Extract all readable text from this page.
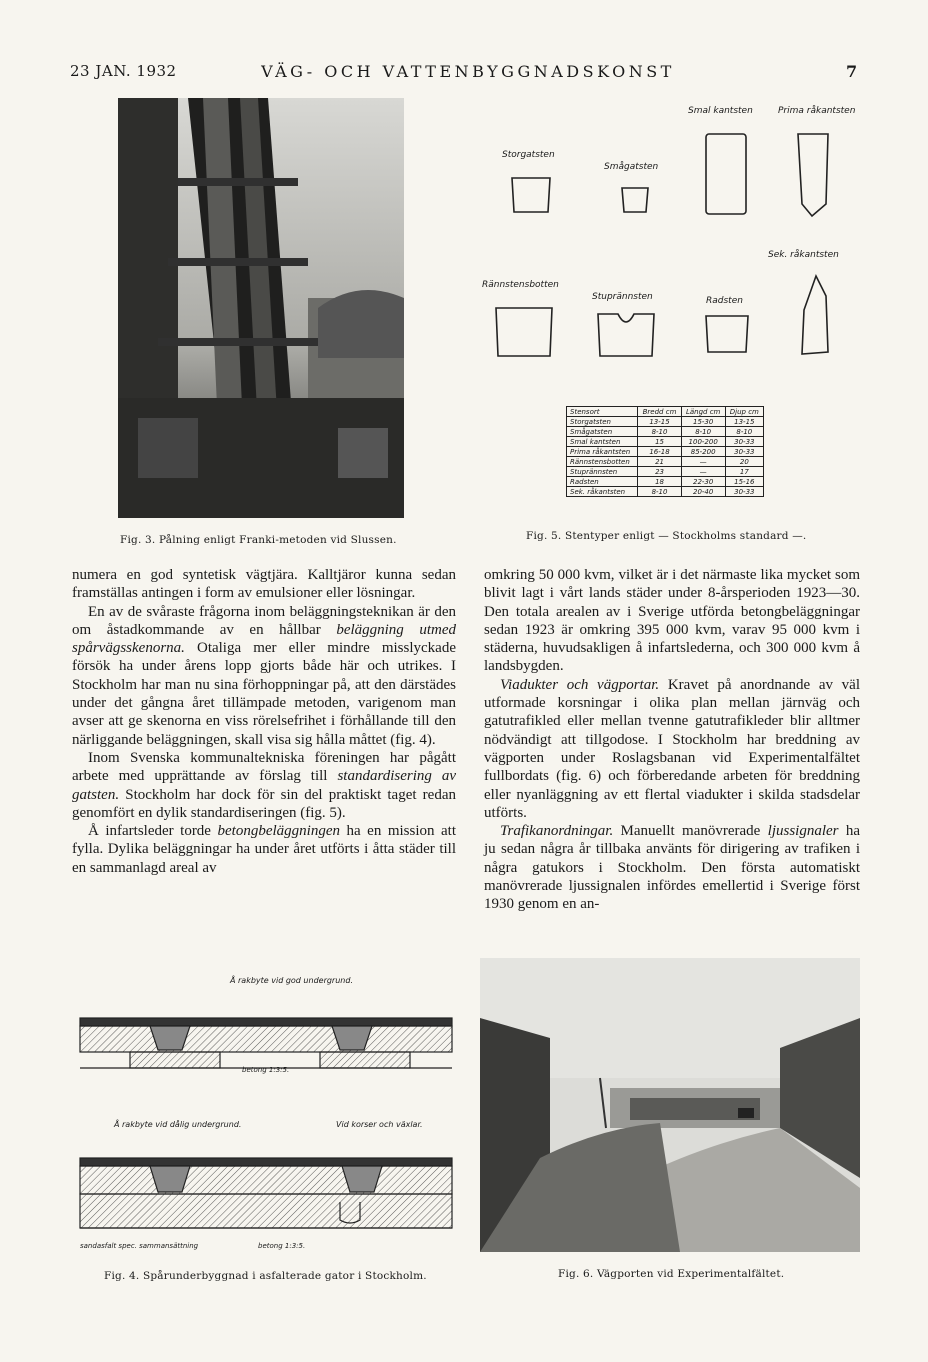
23 JAN. 1932	VÄG- OCH VATTENBYGGNADSKONST	7
Fig. 3. Pålning enligt Franki-metoden vid Slussen.
Smal kantsten	Prima råkantsten
Storgatsten
Smågatsten
Sek. råkantsten
Rännstensbotten
Stuprännsten	Radsten
Stensort	Bredd cm	Längd cm	Djup cm
Storgatsten	13-15	15-30	13-15
Smågatsten	8-10	8-10	8-10
Smal kantsten	15	100-200	30-33
Prima råkantsten	16-18	85-200	30-33
Rännstensbotten	21	—	20
Stuprännsten	23	—	17
Radsten	18	22-30	15-16
Sek. råkantsten	8-10	20-40	30-33
Fig. 5. Stentyper enligt — Stockholms standard —.

numera en god syntetisk vägtjära. Kalltjäror kunna sedan framställas antingen i form av emulsioner eller lösningar.

En av de svåraste frågorna inom beläggningsteknikan är den om åstadkommande av en hållbar beläggning utmed spårvägsskenorna. Otaliga mer eller mindre misslyckade försök ha under årens lopp gjorts både här och utrikes. I Stockholm har man nu sina förhoppningar på, att den därstädes under det gångna året tillämpade metoden, varigenom man avser att ge skenorna en viss rörelsefrihet i förhållande till den närliggande beläggningen, skall visa sig hålla måttet (fig. 4).

Inom Svenska kommunaltekniska föreningen har pågått arbete med upprättande av förslag till standardisering av gatsten. Stockholm har dock för sin del praktiskt taget redan genomfört en dylik standardiseringen (fig. 5).

Å infartsleder torde betongbeläggningen ha en mission att fylla. Dylika beläggningar ha under året utförts i åtta städer till en sammanlagd areal av

omkring 50 000 kvm, vilket är i det närmaste lika mycket som blivit lagt i vårt lands städer under 8-årsperioden 1923—30. Den totala arealen av i Sverige utförda betongbeläggningar sedan 1923 är omkring 395 000 kvm, varav 95 000 kvm i städerna, huvudsakligen å infartslederna, och 300 000 kvm å landsbygden.

Viadukter och vägportar. Kravet på anordnande av väl utformade korsningar i olika plan mellan järnväg och gatutrafikled eller mellan tvenne gatutrafikleder blir alltmer nödvändigt att tillgodose. I Stockholm har breddning av vägporten under Roslagsbanan vid Experimentalfältet fullbordats (fig. 6) och förberedande arbeten för breddning eller nyanläggning av ett flertal viadukter i skilda stadsdelar utförts.

Trafikanordningar. Manuellt manövrerade ljussignaler ha ju sedan några år tillbaka använts för dirigering av trafiken i några gatukors i Stockholm. Den första automatiskt manövrerade ljussignalen infördes emellertid i Sverige först 1930 genom en an-

Å rakbyte vid god undergrund.
Å rakbyte vid dålig undergrund.	Vid korser och växlar.
betong 1:3:5.
sandasfalt spec. sammansättning	betong 1:3:5.
Fig. 4. Spårunderbyggnad i asfalterade gator i Stockholm.	Fig. 6. Vägporten vid Experimentalfältet.
